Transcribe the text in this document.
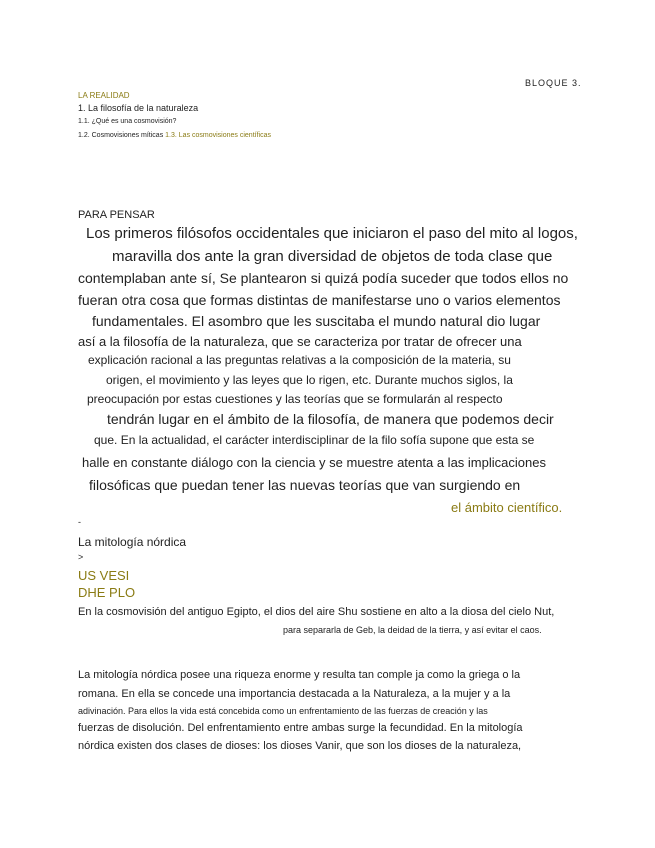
BLOQUE 3.
LA REALIDAD
1. La filosofía de la naturaleza
1.1. ¿Qué es una cosmovisión?
1.2. Cosmovisiones míticas 1.3. Las cosmovisiones científicas
PARA PENSAR
Los primeros filósofos occidentales que iniciaron el paso del mito al logos,
maravilla dos ante la gran diversidad de objetos de toda clase que
contemplaban ante sí, Se plantearon si quizá podía suceder que todos ellos no
fueran otra cosa que formas distintas de manifestarse uno o varios elementos
fundamentales. El asombro que les suscitaba el mundo natural dio lugar
así a la filosofía de la naturaleza, que se caracteriza por tratar de ofrecer una
explicación racional a las preguntas relativas a la composición de la materia, su
origen, el movimiento y las leyes que lo rigen, etc. Durante muchos siglos, la
preocupación por estas cuestiones y las teorías que se formularán al respecto
tendrán lugar en el ámbito de la filosofía, de manera que podemos decir
que. En la actualidad, el carácter interdisciplinar de la filo sofía supone que esta se
halle en constante diálogo con la ciencia y se muestre atenta a las implicaciones
filosóficas que puedan tener las nuevas teorías que van surgiendo en
el ámbito científico.
-
La mitología nórdica
>
US VESI
DHE PLO
En la cosmovisión del antiguo Egipto, el dios del aire Shu sostiene en alto a la diosa del cielo Nut,
para separarla de Geb, la deidad de la tierra, y así evitar el caos.
La mitología nórdica posee una riqueza enorme y resulta tan comple ja como la griega o la
romana. En ella se concede una importancia destacada a la Naturaleza, a la mujer y a la
adivinación. Para ellos la vida está concebida como un enfrentamiento de las fuerzas de creación y las
fuerzas de disolución. Del enfrentamiento entre ambas surge la fecundidad. En la mitología
nórdica existen dos clases de dioses: los dioses Vanir, que son los dioses de la naturaleza,
